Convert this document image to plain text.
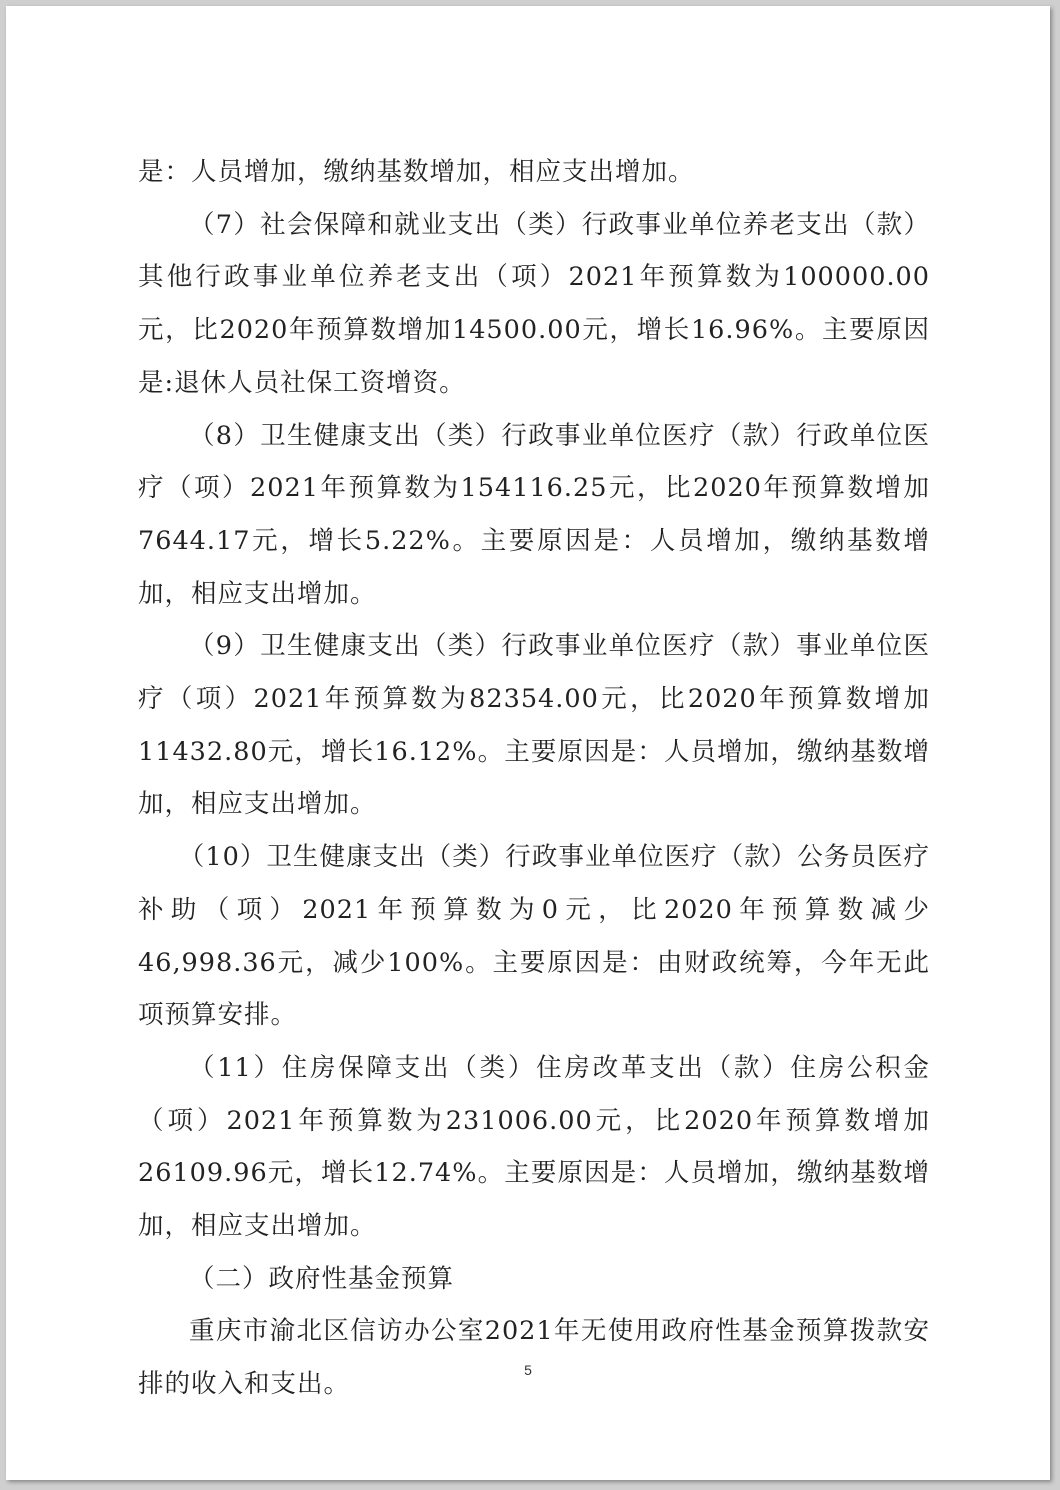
是：人员增加，缴纳基数增加，相应支出增加。

（7）社会保障和就业支出（类）行政事业单位养老支出（款）其他行政事业单位养老支出（项）2021年预算数为100000.00元，比2020年预算数增加14500.00元，增长16.96%。主要原因是:退休人员社保工资增资。

（8）卫生健康支出（类）行政事业单位医疗（款）行政单位医疗（项）2021年预算数为154116.25元，比2020年预算数增加7644.17元，增长5.22%。主要原因是：人员增加，缴纳基数增加，相应支出增加。

（9）卫生健康支出（类）行政事业单位医疗（款）事业单位医疗（项）2021年预算数为82354.00元，比2020年预算数增加11432.80元，增长16.12%。主要原因是：人员增加，缴纳基数增加，相应支出增加。

（10）卫生健康支出（类）行政事业单位医疗（款）公务员医疗补助（项）2021年预算数为0元，比2020年预算数减少46,998.36元，减少100%。主要原因是：由财政统筹，今年无此项预算安排。

（11）住房保障支出（类）住房改革支出（款）住房公积金（项）2021年预算数为231006.00元，比2020年预算数增加26109.96元，增长12.74%。主要原因是：人员增加，缴纳基数增加，相应支出增加。

（二）政府性基金预算

重庆市渝北区信访办公室2021年无使用政府性基金预算拨款安排的收入和支出。	5
